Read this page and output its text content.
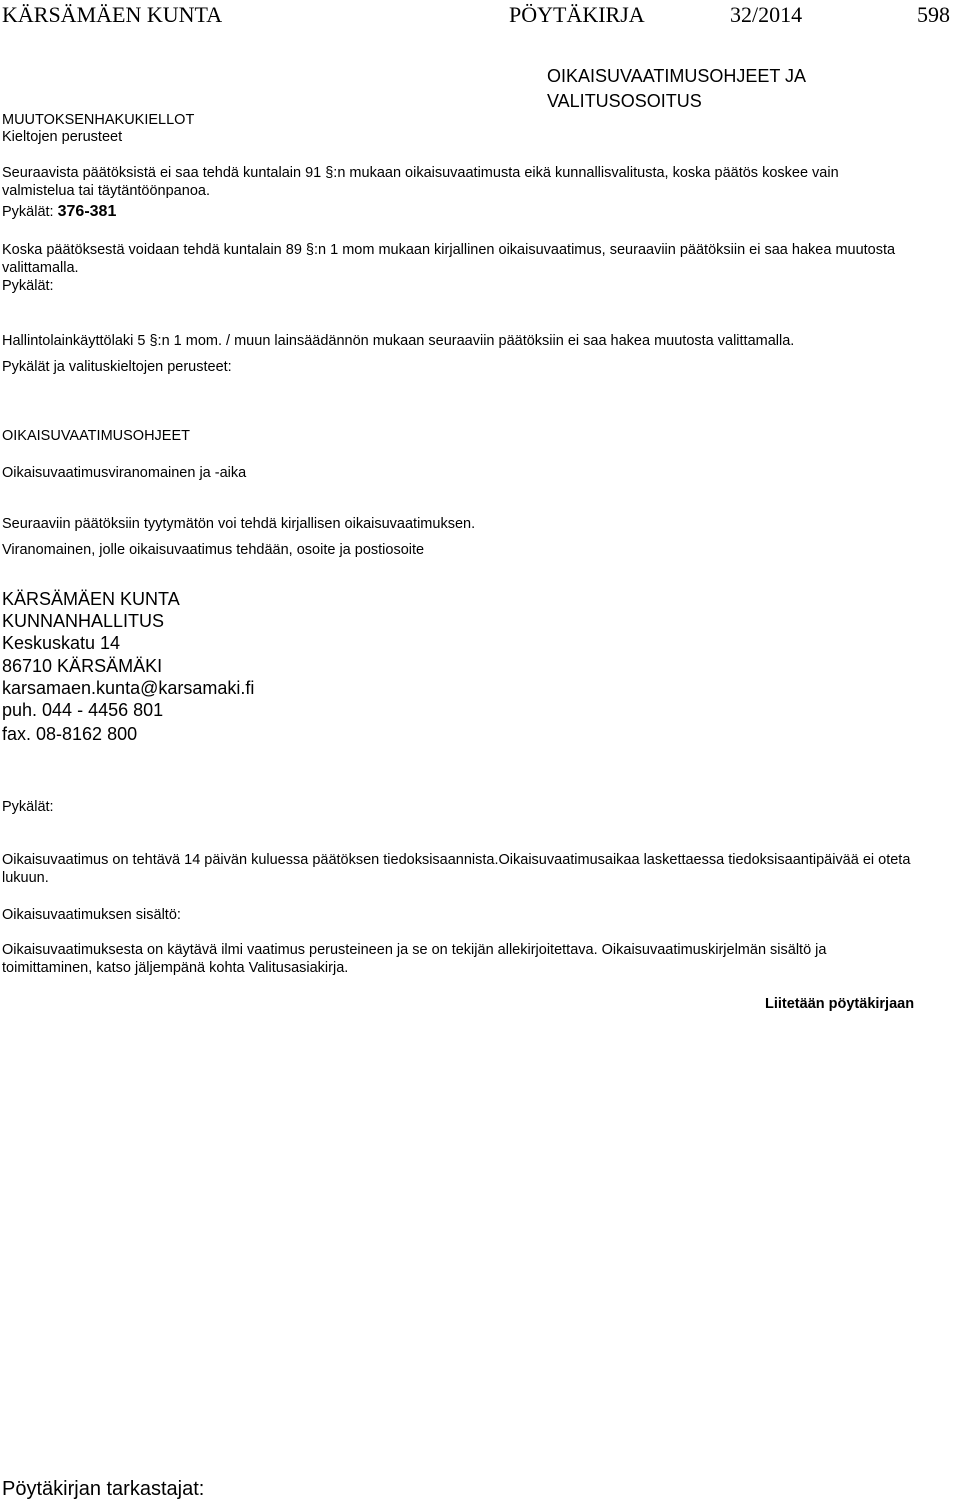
KÄRSÄMÄEN KUNTA	PÖYTÄKIRJA	32/2014	598
OIKAISUVAATIMUSOHJEET JA
VALITUSOSOITUS
MUUTOKSENHAKUKIELLOT
Kieltojen perusteet
Seuraavista päätöksistä ei saa tehdä kuntalain 91 §:n mukaan oikaisuvaatimusta eikä kunnallisvalitusta, koska päätös koskee vain valmistelua tai täytäntöönpanoa.
Pykälät: 376-381
Koska päätöksestä voidaan tehdä kuntalain 89 §:n 1 mom mukaan kirjallinen oikaisuvaatimus, seuraaviin päätöksiin ei saa hakea muutosta valittamalla.
Pykälät:
Hallintolainkäyttölaki 5 §:n 1 mom. / muun lainsäädännön mukaan seuraaviin päätöksiin ei saa hakea muutosta valittamalla.
Pykälät ja valituskieltojen perusteet:
OIKAISUVAATIMUSOHJEET
Oikaisuvaatimusviranomainen ja -aika
Seuraaviin päätöksiin tyytymätön voi tehdä kirjallisen oikaisuvaatimuksen.
Viranomainen, jolle oikaisuvaatimus tehdään, osoite ja postiosoite
KÄRSÄMÄEN KUNTA
KUNNANHALLITUS
Keskuskatu 14
86710 KÄRSÄMÄKI
karsamaen.kunta@karsamaki.fi
puh. 044 - 4456 801
fax. 08-8162 800
Pykälät:
Oikaisuvaatimus on tehtävä 14 päivän kuluessa päätöksen tiedoksisaannista.Oikaisuvaatimusaikaa laskettaessa tiedoksisaantipäivää ei oteta lukuun.
Oikaisuvaatimuksen sisältö:
Oikaisuvaatimuksesta on käytävä ilmi vaatimus perusteineen ja se on tekijän allekirjoitettava. Oikaisuvaatimuskirjelmän sisältö ja toimittaminen, katso jäljempänä kohta Valitusasiakirja.
Liitetään pöytäkirjaan
Pöytäkirjan tarkastajat:
